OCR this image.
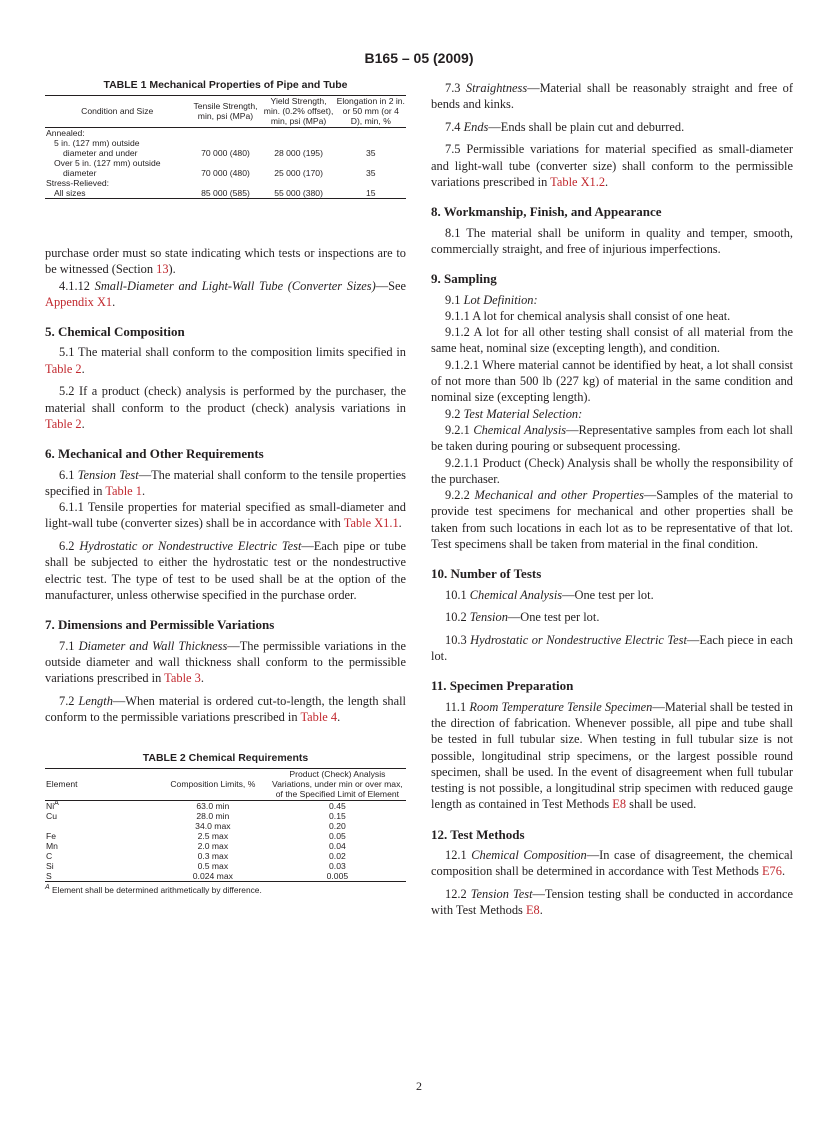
B165 – 05 (2009)
TABLE 1 Mechanical Properties of Pipe and Tube
Condition and Size	Tensile Strength, min, psi (MPa)	Yield Strength, min. (0.2% offset), min, psi (MPa)	Elongation in 2 in. or 50 mm (or 4 D), min, %
Annealed:			
5 in. (127 mm) outside			
diameter and under	70 000 (480)	28 000 (195)	35
Over 5 in. (127 mm) outside			
diameter	70 000 (480)	25 000 (170)	35
Stress-Relieved:			
All sizes	85 000 (585)	55 000 (380)	15

purchase order must so state indicating which tests or inspections are to be witnessed (Section 13).

4.1.12 Small-Diameter and Light-Wall Tube (Converter Sizes)—See Appendix X1.

5. Chemical Composition

5.1 The material shall conform to the composition limits specified in Table 2.

5.2 If a product (check) analysis is performed by the purchaser, the material shall conform to the product (check) analysis variations in Table 2.

6. Mechanical and Other Requirements

6.1 Tension Test—The material shall conform to the tensile properties specified in Table 1.

6.1.1 Tensile properties for material specified as small-diameter and light-wall tube (converter sizes) shall be in accordance with Table X1.1.

6.2 Hydrostatic or Nondestructive Electric Test—Each pipe or tube shall be subjected to either the hydrostatic test or the nondestructive electric test. The type of test to be used shall be at the option of the manufacturer, unless otherwise specified in the purchase order.

7. Dimensions and Permissible Variations

7.1 Diameter and Wall Thickness—The permissible variations in the outside diameter and wall thickness shall conform to the permissible variations prescribed in Table 3.

7.2 Length—When material is ordered cut-to-length, the length shall conform to the permissible variations prescribed in Table 4.

TABLE 2 Chemical Requirements
Element	Composition Limits, %	Product (Check) Analysis Variations, under min or over max, of the Specified Limit of Element
$Ni^A$	63.0 min	0.45
Cu	28.0 min	0.15
	34.0 max	0.20
Fe	2.5 max	0.05
Mn	2.0 max	0.04
C	0.3 max	0.02
Si	0.5 max	0.03
S	0.024 max	0.005
$^A$ Element shall be determined arithmetically by difference.

7.3 Straightness—Material shall be reasonably straight and free of bends and kinks.

7.4 Ends—Ends shall be plain cut and deburred.

7.5 Permissible variations for material specified as small-diameter and light-wall tube (converter size) shall conform to the permissible variations prescribed in Table X1.2.

8. Workmanship, Finish, and Appearance

8.1 The material shall be uniform in quality and temper, smooth, commercially straight, and free of injurious imperfections.

9. Sampling

9.1 Lot Definition:

9.1.1 A lot for chemical analysis shall consist of one heat.

9.1.2 A lot for all other testing shall consist of all material from the same heat, nominal size (excepting length), and condition.

9.1.2.1 Where material cannot be identified by heat, a lot shall consist of not more than 500 lb (227 kg) of material in the same condition and nominal size (excepting length).

9.2 Test Material Selection:

9.2.1 Chemical Analysis—Representative samples from each lot shall be taken during pouring or subsequent processing.

9.2.1.1 Product (Check) Analysis shall be wholly the responsibility of the purchaser.

9.2.2 Mechanical and other Properties—Samples of the material to provide test specimens for mechanical and other properties shall be taken from such locations in each lot as to be representative of that lot. Test specimens shall be taken from material in the final condition.

10. Number of Tests

10.1 Chemical Analysis—One test per lot.

10.2 Tension—One test per lot.

10.3 Hydrostatic or Nondestructive Electric Test—Each piece in each lot.

11. Specimen Preparation

11.1 Room Temperature Tensile Specimen—Material shall be tested in the direction of fabrication. Whenever possible, all pipe and tube shall be tested in full tubular size. When testing in full tubular size is not possible, longitudinal strip specimens, or the largest possible round specimen, shall be used. In the event of disagreement when full tubular testing is not possible, a longitudinal strip specimen with reduced gauge length as contained in Test Methods E8 shall be used.

12. Test Methods

12.1 Chemical Composition—In case of disagreement, the chemical composition shall be determined in accordance with Test Methods E76.

12.2 Tension Test—Tension testing shall be conducted in accordance with Test Methods E8.

2
